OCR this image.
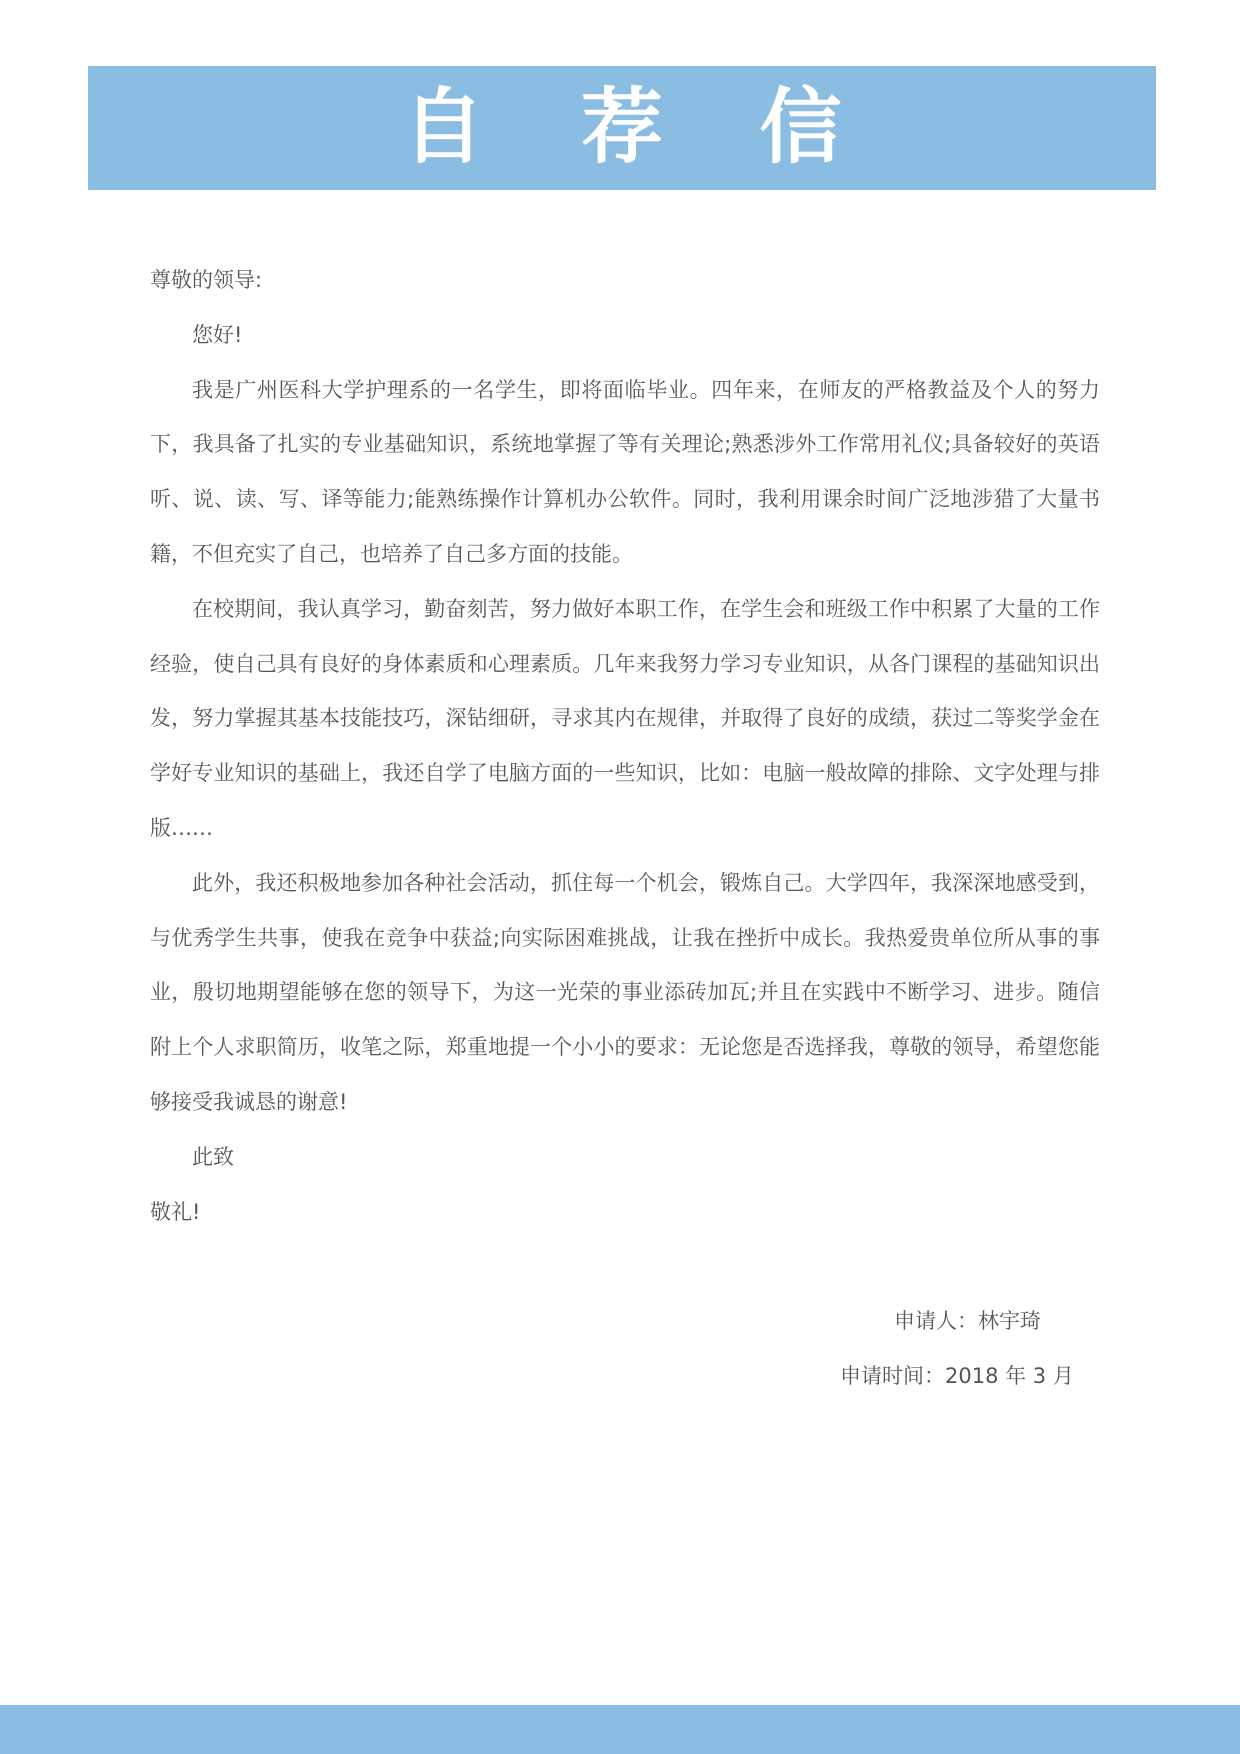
自 荐 信

尊敬的领导:

您好!

我是广州医科大学护理系的一名学生，即将面临毕业。四年来，在师友的严格教益及个人的努力下，我具备了扎实的专业基础知识，系统地掌握了等有关理论;熟悉涉外工作常用礼仪;具备较好的英语听、说、读、写、译等能力;能熟练操作计算机办公软件。同时，我利用课余时间广泛地涉猎了大量书籍，不但充实了自己，也培养了自己多方面的技能。

在校期间，我认真学习，勤奋刻苦，努力做好本职工作，在学生会和班级工作中积累了大量的工作经验，使自己具有良好的身体素质和心理素质。几年来我努力学习专业知识，从各门课程的基础知识出发，努力掌握其基本技能技巧，深钻细研，寻求其内在规律，并取得了良好的成绩，获过二等奖学金在学好专业知识的基础上，我还自学了电脑方面的一些知识，比如：电脑一般故障的排除、文字处理与排版……

此外，我还积极地参加各种社会活动，抓住每一个机会，锻炼自己。大学四年，我深深地感受到，与优秀学生共事，使我在竞争中获益;向实际困难挑战，让我在挫折中成长。我热爱贵单位所从事的事业，殷切地期望能够在您的领导下，为这一光荣的事业添砖加瓦;并且在实践中不断学习、进步。随信附上个人求职简历，收笔之际，郑重地提一个小小的要求：无论您是否选择我，尊敬的领导，希望您能够接受我诚恳的谢意!

此致

敬礼!

申请人：林宇琦
申请时间：2018 年 3 月
